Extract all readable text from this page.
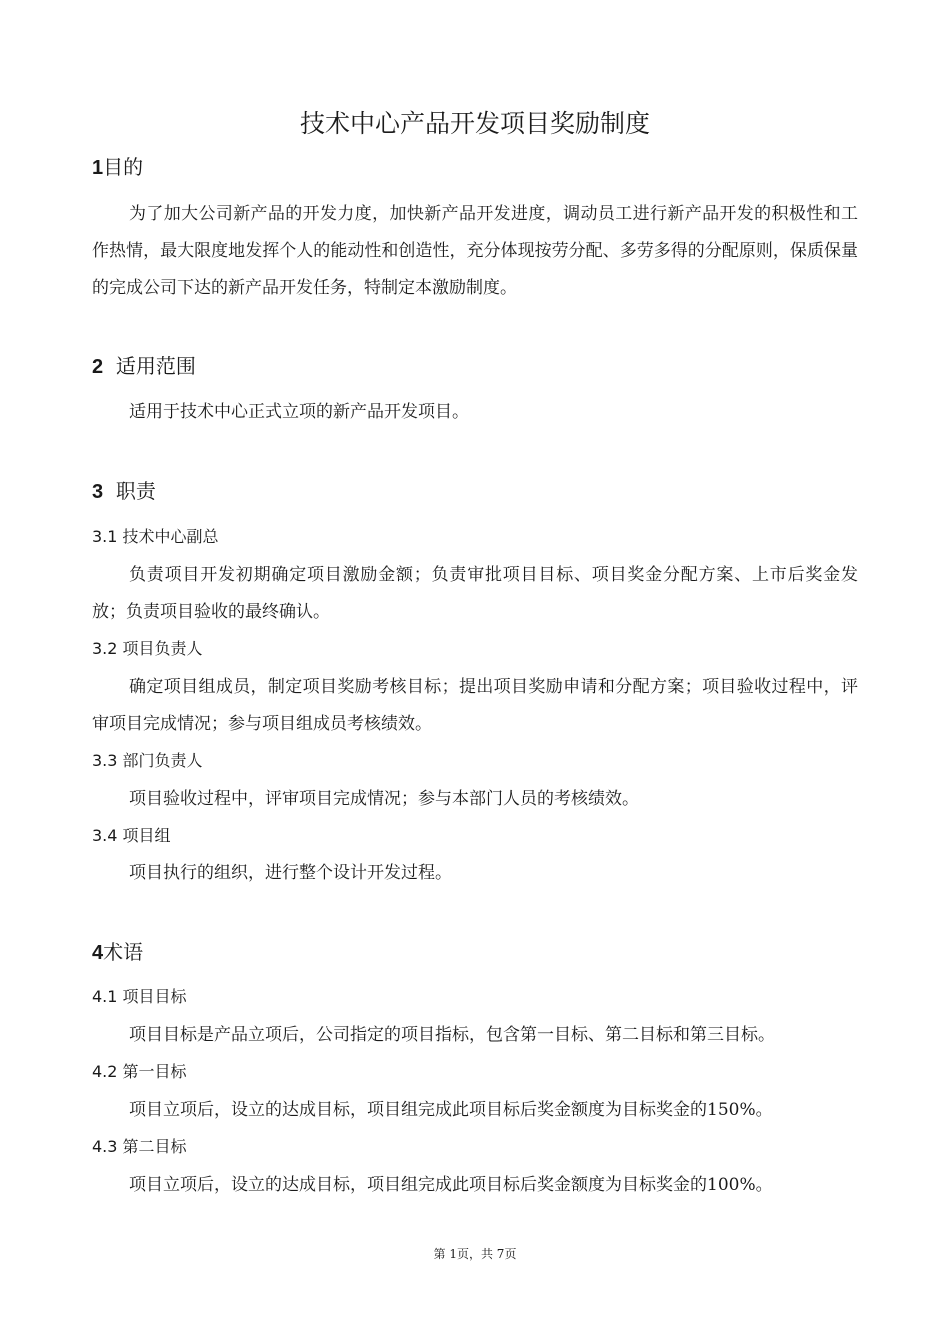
技术中心产品开发项目奖励制度
1目的

为了加大公司新产品的开发力度，加快新产品开发进度，调动员工进行新产品开发的积极性和工作热情，最大限度地发挥个人的能动性和创造性，充分体现按劳分配、多劳多得的分配原则，保质保量的完成公司下达的新产品开发任务，特制定本激励制度。

2 适用范围

适用于技术中心正式立项的新产品开发项目。

3 职责
3.1 技术中心副总

负责项目开发初期确定项目激励金额；负责审批项目目标、项目奖金分配方案、上市后奖金发放；负责项目验收的最终确认。

3.2 项目负责人

确定项目组成员，制定项目奖励考核目标；提出项目奖励申请和分配方案；项目验收过程中，评审项目完成情况；参与项目组成员考核绩效。

3.3 部门负责人

项目验收过程中，评审项目完成情况；参与本部门人员的考核绩效。

3.4 项目组

项目执行的组织，进行整个设计开发过程。

4术语
4.1 项目目标

项目目标是产品立项后，公司指定的项目指标，包含第一目标、第二目标和第三目标。

4.2 第一目标

项目立项后，设立的达成目标，项目组完成此项目标后奖金额度为目标奖金的150%。

4.3 第二目标

项目立项后，设立的达成目标，项目组完成此项目标后奖金额度为目标奖金的100%。

第 1页，共 7页
